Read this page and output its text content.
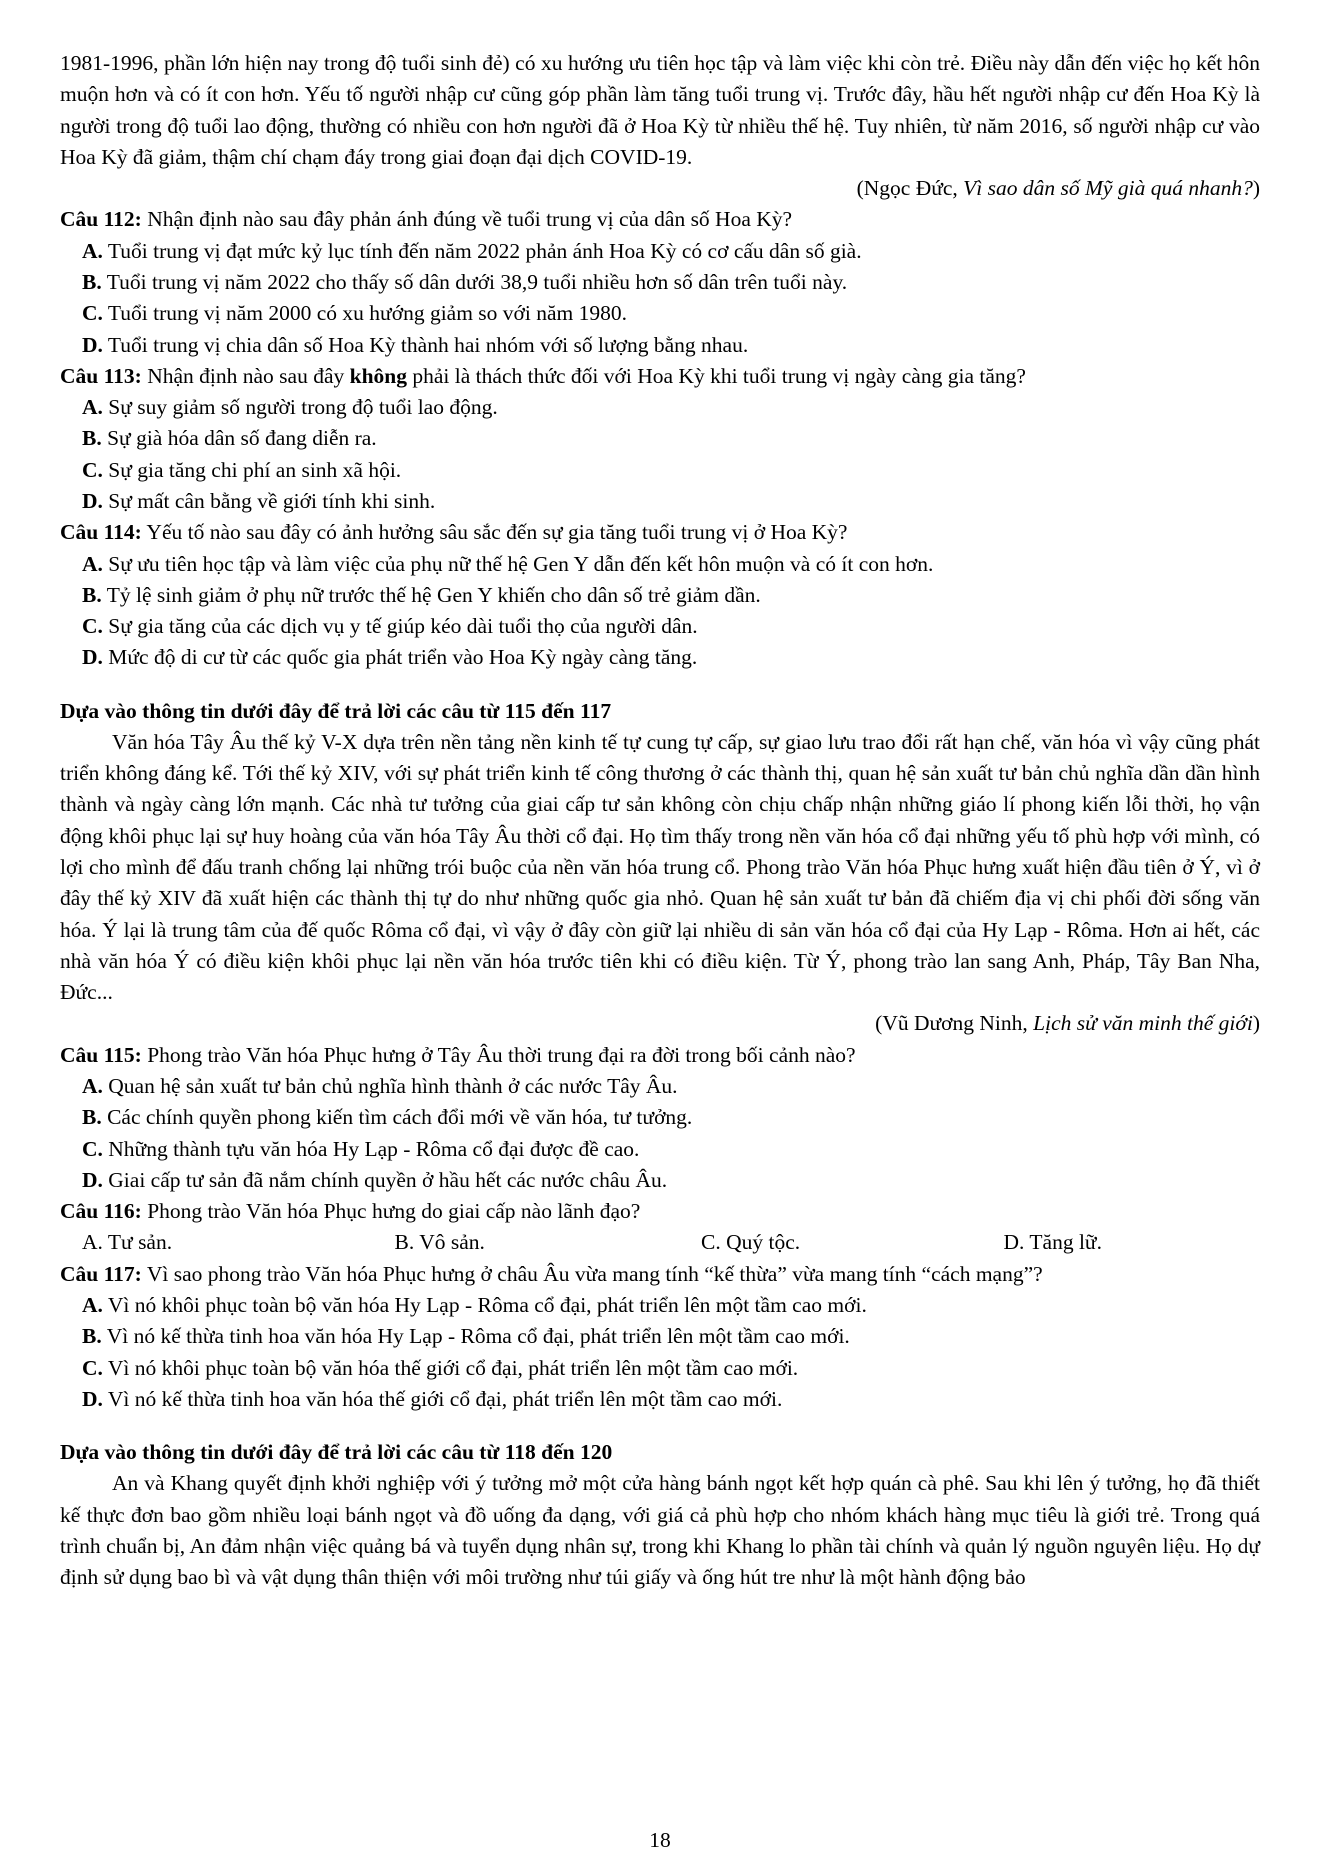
1981-1996, phần lớn hiện nay trong độ tuổi sinh đẻ) có xu hướng ưu tiên học tập và làm việc khi còn trẻ. Điều này dẫn đến việc họ kết hôn muộn hơn và có ít con hơn. Yếu tố người nhập cư cũng góp phần làm tăng tuổi trung vị. Trước đây, hầu hết người nhập cư đến Hoa Kỳ là người trong độ tuổi lao động, thường có nhiều con hơn người đã ở Hoa Kỳ từ nhiều thế hệ. Tuy nhiên, từ năm 2016, số người nhập cư vào Hoa Kỳ đã giảm, thậm chí chạm đáy trong giai đoạn đại dịch COVID-19.

(Ngọc Đức, Vì sao dân số Mỹ già quá nhanh?)

Câu 112: Nhận định nào sau đây phản ánh đúng về tuổi trung vị của dân số Hoa Kỳ?

A. Tuổi trung vị đạt mức kỷ lục tính đến năm 2022 phản ánh Hoa Kỳ có cơ cấu dân số già.

B. Tuổi trung vị năm 2022 cho thấy số dân dưới 38,9 tuổi nhiều hơn số dân trên tuổi này.

C. Tuổi trung vị năm 2000 có xu hướng giảm so với năm 1980.

D. Tuổi trung vị chia dân số Hoa Kỳ thành hai nhóm với số lượng bằng nhau.

Câu 113: Nhận định nào sau đây không phải là thách thức đối với Hoa Kỳ khi tuổi trung vị ngày càng gia tăng?

A. Sự suy giảm số người trong độ tuổi lao động.

B. Sự già hóa dân số đang diễn ra.

C. Sự gia tăng chi phí an sinh xã hội.

D. Sự mất cân bằng về giới tính khi sinh.

Câu 114: Yếu tố nào sau đây có ảnh hưởng sâu sắc đến sự gia tăng tuổi trung vị ở Hoa Kỳ?

A. Sự ưu tiên học tập và làm việc của phụ nữ thế hệ Gen Y dẫn đến kết hôn muộn và có ít con hơn.

B. Tỷ lệ sinh giảm ở phụ nữ trước thế hệ Gen Y khiến cho dân số trẻ giảm dần.

C. Sự gia tăng của các dịch vụ y tế giúp kéo dài tuổi thọ của người dân.

D. Mức độ di cư từ các quốc gia phát triển vào Hoa Kỳ ngày càng tăng.

Dựa vào thông tin dưới đây để trả lời các câu từ 115 đến 117

Văn hóa Tây Âu thế kỷ V-X dựa trên nền tảng nền kinh tế tự cung tự cấp, sự giao lưu trao đổi rất hạn chế, văn hóa vì vậy cũng phát triển không đáng kể. Tới thế kỷ XIV, với sự phát triển kinh tế công thương ở các thành thị, quan hệ sản xuất tư bản chủ nghĩa dần dần hình thành và ngày càng lớn mạnh. Các nhà tư tưởng của giai cấp tư sản không còn chịu chấp nhận những giáo lí phong kiến lỗi thời, họ vận động khôi phục lại sự huy hoàng của văn hóa Tây Âu thời cổ đại. Họ tìm thấy trong nền văn hóa cổ đại những yếu tố phù hợp với mình, có lợi cho mình để đấu tranh chống lại những trói buộc của nền văn hóa trung cổ. Phong trào Văn hóa Phục hưng xuất hiện đầu tiên ở Ý, vì ở đây thế kỷ XIV đã xuất hiện các thành thị tự do như những quốc gia nhỏ. Quan hệ sản xuất tư bản đã chiếm địa vị chi phối đời sống văn hóa. Ý lại là trung tâm của đế quốc Rôma cổ đại, vì vậy ở đây còn giữ lại nhiều di sản văn hóa cổ đại của Hy Lạp - Rôma. Hơn ai hết, các nhà văn hóa Ý có điều kiện khôi phục lại nền văn hóa trước tiên khi có điều kiện. Từ Ý, phong trào lan sang Anh, Pháp, Tây Ban Nha, Đức...

(Vũ Dương Ninh, Lịch sử văn minh thế giới)

Câu 115: Phong trào Văn hóa Phục hưng ở Tây Âu thời trung đại ra đời trong bối cảnh nào?

A. Quan hệ sản xuất tư bản chủ nghĩa hình thành ở các nước Tây Âu.

B. Các chính quyền phong kiến tìm cách đổi mới về văn hóa, tư tưởng.

C. Những thành tựu văn hóa Hy Lạp - Rôma cổ đại được đề cao.

D. Giai cấp tư sản đã nắm chính quyền ở hầu hết các nước châu Âu.

Câu 116: Phong trào Văn hóa Phục hưng do giai cấp nào lãnh đạo?

A. Tư sản.	B. Vô sản.	C. Quý tộc.	D. Tăng lữ.

Câu 117: Vì sao phong trào Văn hóa Phục hưng ở châu Âu vừa mang tính “kế thừa” vừa mang tính “cách mạng”?

A. Vì nó khôi phục toàn bộ văn hóa Hy Lạp - Rôma cổ đại, phát triển lên một tầm cao mới.

B. Vì nó kế thừa tinh hoa văn hóa Hy Lạp - Rôma cổ đại, phát triển lên một tầm cao mới.

C. Vì nó khôi phục toàn bộ văn hóa thế giới cổ đại, phát triển lên một tầm cao mới.

D. Vì nó kế thừa tinh hoa văn hóa thế giới cổ đại, phát triển lên một tầm cao mới.

Dựa vào thông tin dưới đây để trả lời các câu từ 118 đến 120

An và Khang quyết định khởi nghiệp với ý tưởng mở một cửa hàng bánh ngọt kết hợp quán cà phê. Sau khi lên ý tưởng, họ đã thiết kế thực đơn bao gồm nhiều loại bánh ngọt và đồ uống đa dạng, với giá cả phù hợp cho nhóm khách hàng mục tiêu là giới trẻ. Trong quá trình chuẩn bị, An đảm nhận việc quảng bá và tuyển dụng nhân sự, trong khi Khang lo phần tài chính và quản lý nguồn nguyên liệu. Họ dự định sử dụng bao bì và vật dụng thân thiện với môi trường như túi giấy và ống hút tre như là một hành động bảo

18
